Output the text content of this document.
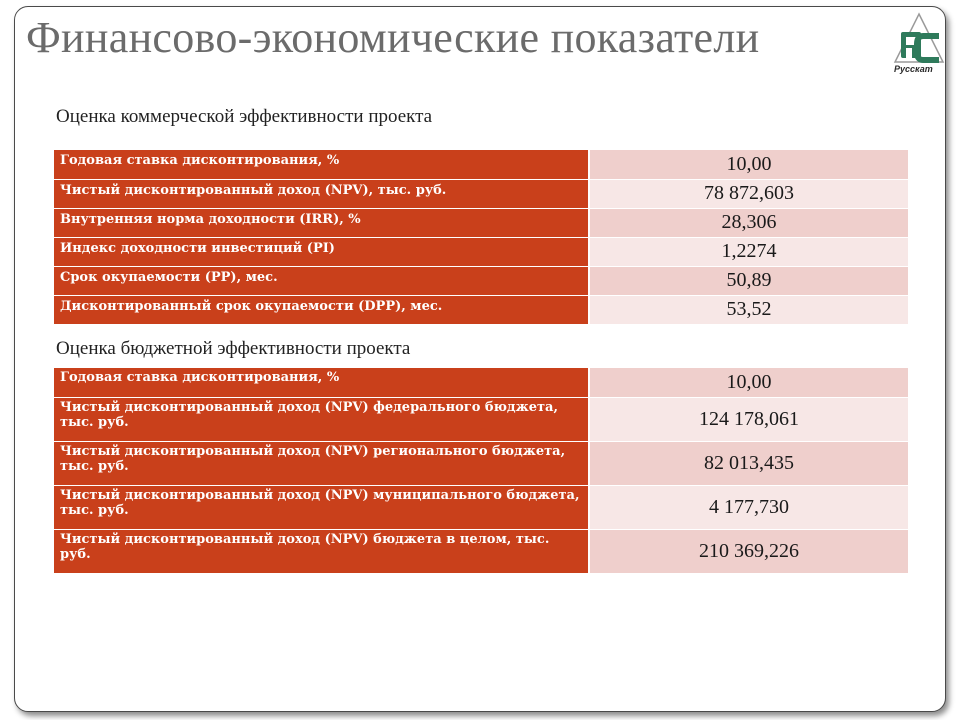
Финансово-экономические показатели
Русскат
Оценка коммерческой эффективности проекта
Годовая ставка дисконтирования, %	10,00
Чистый дисконтированный доход (NPV), тыс. руб.	78 872,603
Внутренняя норма доходности (IRR), %	28,306
Индекс доходности инвестиций (PI)	1,2274
Срок окупаемости (PP), мес.	50,89
Дисконтированный срок окупаемости (DPP), мес.	53,52
Оценка бюджетной эффективности проекта
Годовая ставка дисконтирования, %	10,00
Чистый дисконтированный доход (NPV) федерального бюджета, тыс. руб.	124 178,061
Чистый дисконтированный доход (NPV) регионального бюджета, тыс. руб.	82 013,435
Чистый дисконтированный доход (NPV) муниципального бюджета, тыс. руб.	4 177,730
Чистый дисконтированный доход (NPV) бюджета в целом, тыс. руб.	210 369,226
